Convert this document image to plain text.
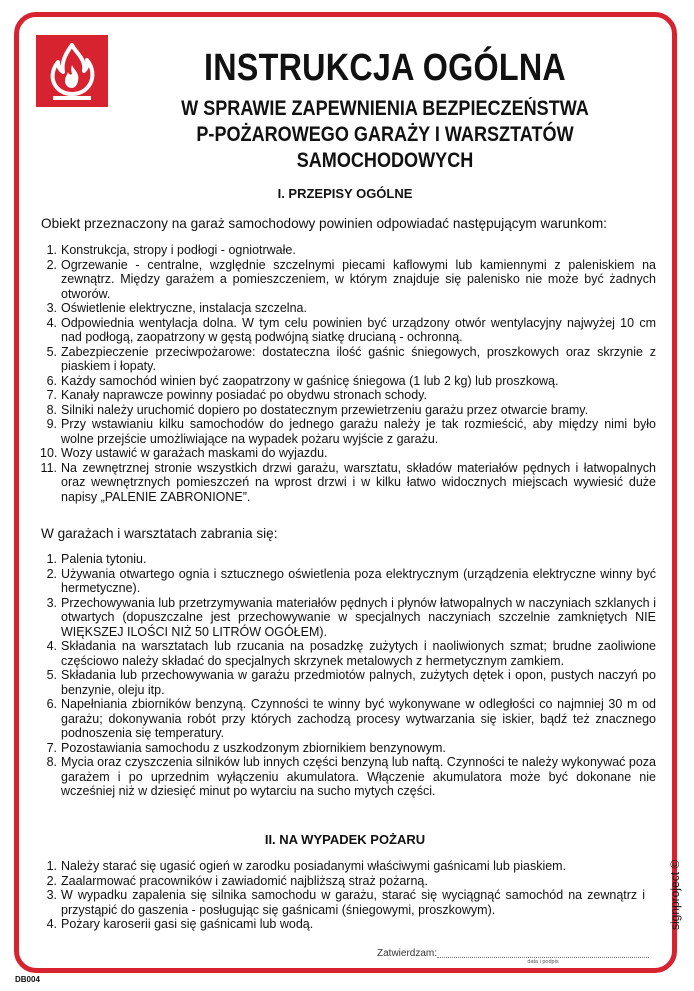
INSTRUKCJA OGÓLNA
W SPRAWIE ZAPEWNIENIA BEZPIECZEŃSTWA
P-POŻAROWEGO GARAŻY I WARSZTATÓW SAMOCHODOWYCH
I. PRZEPISY OGÓLNE
Obiekt przeznaczony na garaż samochodowy powinien odpowiadać następującym warunkom:
1. Konstrukcja, stropy i podłogi - ogniotrwałe.
2. Ogrzewanie - centralne, względnie szczelnymi piecami kaflowymi lub kamiennymi z paleniskiem na zewnątrz. Między garażem a pomieszczeniem, w którym znajduje się palenisko nie może być żadnych otworów.
3. Oświetlenie elektryczne, instalacja szczelna.
4. Odpowiednia wentylacja dolna. W tym celu powinien być urządzony otwór wentylacyjny najwyżej 10 cm nad podłogą, zaopatrzony w gęstą podwójną siatkę drucianą - ochronną.
5. Zabezpieczenie przeciwpożarowe: dostateczna ilość gaśnic śniegowych, proszkowych oraz skrzynie z piaskiem i łopaty.
6. Każdy samochód winien być zaopatrzony w gaśnicę śniegowa (1 lub 2 kg) lub proszkową.
7. Kanały naprawcze powinny posiadać po obydwu stronach schody.
8. Silniki należy uruchomić dopiero po dostatecznym przewietrzeniu garażu przez otwarcie bramy.
9. Przy wstawianiu kilku samochodów do jednego garażu należy je tak rozmieścić, aby między nimi było wolne przejście umożliwiające na wypadek pożaru wyjście z garażu.
10. Wozy ustawić w garażach maskami do wyjazdu.
11. Na zewnętrznej stronie wszystkich drzwi garażu, warsztatu, składów materiałów pędnych i łatwopalnych oraz wewnętrznych pomieszczeń na wprost drzwi i w kilku łatwo widocznych miejscach wywiesić duże napisy „PALENIE ZABRONIONE”.
W garażach i warsztatach zabrania się:
1. Palenia tytoniu.
2. Używania otwartego ognia i sztucznego oświetlenia poza elektrycznym (urządzenia elektryczne winny być hermetyczne).
3. Przechowywania lub przetrzymywania materiałów pędnych i płynów łatwopalnych w naczyniach szklanych i otwartych (dopuszczalne jest przechowywanie w specjalnych naczyniach szczelnie zamkniętych NIE WIĘKSZEJ ILOŚCI NIŻ 50 LITRÓW OGÓŁEM).
4. Składania na warsztatach lub rzucania na posadzkę zużytych i naoliwionych szmat; brudne zaoliwione częściowo należy składać do specjalnych skrzynek metalowych z hermetycznym zamkiem.
5. Składania lub przechowywania w garażu przedmiotów palnych, zużytych dętek i opon, pustych naczyń po benzynie, oleju itp.
6. Napełniania zbiorników benzyną. Czynności te winny być wykonywane w odległości co najmniej 30 m od garażu; dokonywania robót przy których zachodzą procesy wytwarzania się iskier, bądź też znacznego podnoszenia się temperatury.
7. Pozostawiania samochodu z uszkodzonym zbiornikiem benzynowym.
8. Mycia oraz czyszczenia silników lub innych części benzyną lub naftą. Czynności te należy wykonywać poza garażem i po uprzednim wyłączeniu akumulatora. Włączenie akumulatora może być dokonane nie wcześniej niż w dziesięć minut po wytarciu na sucho mytych części.
II. NA WYPADEK POŻARU
1. Należy starać się ugasić ogień w zarodku posiadanymi właściwymi gaśnicami lub piaskiem.
2. Zaalarmować pracowników i zawiadomić najbliższą straż pożarną.
3. W wypadku zapalenia się silnika samochodu w garażu, starać się wyciągnąć samochód na zewnątrz i przystąpić do gaszenia - posługując się gaśnicami (śniegowymi, proszkowym).
4. Pożary karoserii gasi się gaśnicami lub wodą.	signproject ©
Zatwierdzam:
data i podpis
DB004
